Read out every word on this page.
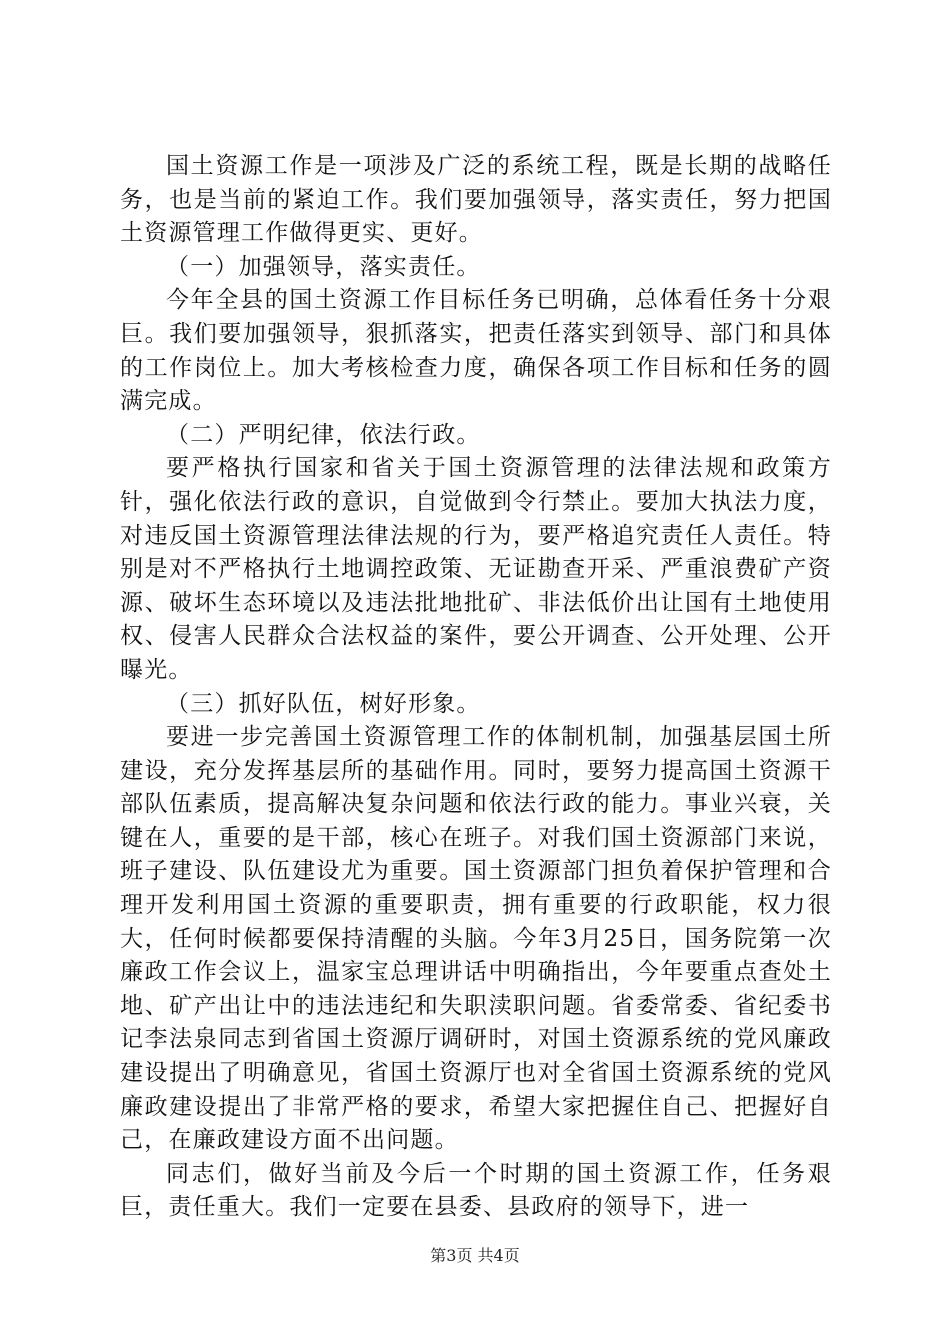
国土资源工作是一项涉及广泛的系统工程，既是长期的战略任务，也是当前的紧迫工作。我们要加强领导，落实责任，努力把国土资源管理工作做得更实、更好。

（一）加强领导，落实责任。

今年全县的国土资源工作目标任务已明确，总体看任务十分艰巨。我们要加强领导，狠抓落实，把责任落实到领导、部门和具体的工作岗位上。加大考核检查力度，确保各项工作目标和任务的圆满完成。

（二）严明纪律，依法行政。

要严格执行国家和省关于国土资源管理的法律法规和政策方针，强化依法行政的意识，自觉做到令行禁止。要加大执法力度，对违反国土资源管理法律法规的行为，要严格追究责任人责任。特别是对不严格执行土地调控政策、无证勘查开采、严重浪费矿产资源、破坏生态环境以及违法批地批矿、非法低价出让国有土地使用权、侵害人民群众合法权益的案件，要公开调查、公开处理、公开曝光。

（三）抓好队伍，树好形象。

要进一步完善国土资源管理工作的体制机制，加强基层国土所建设，充分发挥基层所的基础作用。同时，要努力提高国土资源干部队伍素质，提高解决复杂问题和依法行政的能力。事业兴衰，关键在人，重要的是干部，核心在班子。对我们国土资源部门来说，班子建设、队伍建设尤为重要。国土资源部门担负着保护管理和合理开发利用国土资源的重要职责，拥有重要的行政职能，权力很大，任何时候都要保持清醒的头脑。今年3月25日，国务院第一次廉政工作会议上，温家宝总理讲话中明确指出，今年要重点查处土地、矿产出让中的违法违纪和失职渎职问题。省委常委、省纪委书记李法泉同志到省国土资源厅调研时，对国土资源系统的党风廉政建设提出了明确意见，省国土资源厅也对全省国土资源系统的党风廉政建设提出了非常严格的要求，希望大家把握住自己、把握好自己，在廉政建设方面不出问题。

同志们，做好当前及今后一个时期的国土资源工作，任务艰巨，责任重大。我们一定要在县委、县政府的领导下，进一

第3页 共4页
